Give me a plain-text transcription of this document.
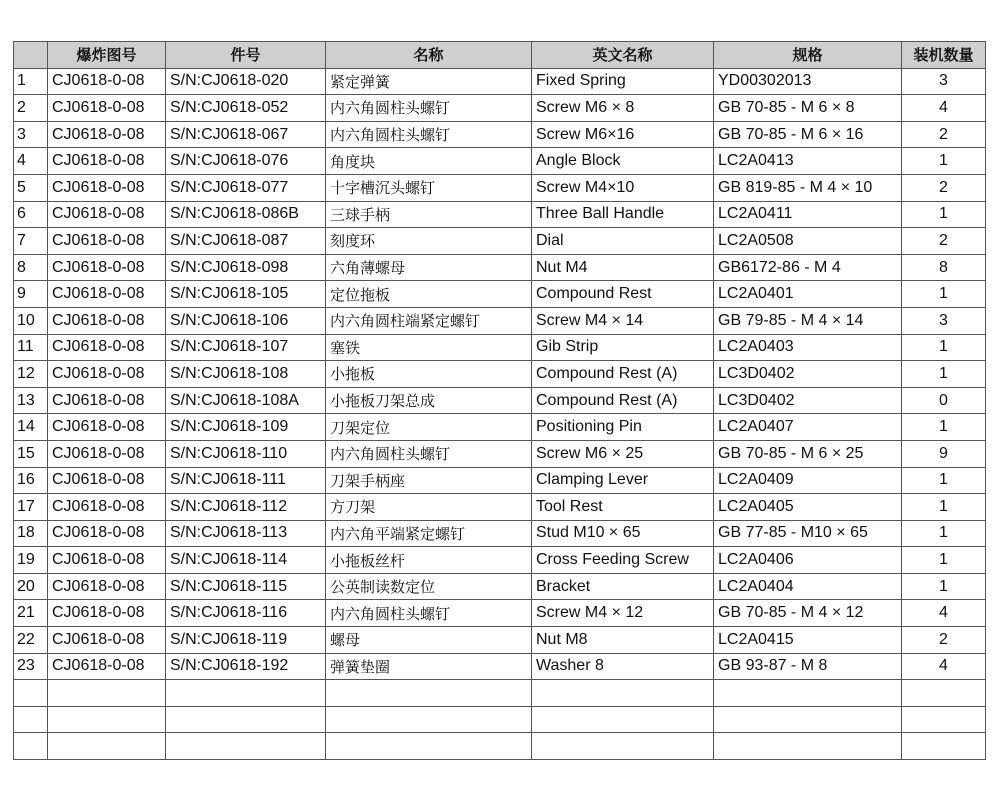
	爆炸图号	件号	名称	英文名称	规格	装机数量
1	CJ0618-0-08	S/N:CJ0618-020	紧定弹簧	Fixed Spring	YD00302013	3
2	CJ0618-0-08	S/N:CJ0618-052	内六角圆柱头螺钉	Screw M6 × 8	GB 70-85 - M 6 × 8	4
3	CJ0618-0-08	S/N:CJ0618-067	内六角圆柱头螺钉	Screw M6×16	GB 70-85 - M 6 × 16	2
4	CJ0618-0-08	S/N:CJ0618-076	角度块	Angle Block	LC2A0413	1
5	CJ0618-0-08	S/N:CJ0618-077	十字槽沉头螺钉	Screw M4×10	GB 819-85 - M 4 × 10	2
6	CJ0618-0-08	S/N:CJ0618-086B	三球手柄	Three Ball Handle	LC2A0411	1
7	CJ0618-0-08	S/N:CJ0618-087	刻度环	Dial	LC2A0508	2
8	CJ0618-0-08	S/N:CJ0618-098	六角薄螺母	Nut M4	GB6172-86 - M 4	8
9	CJ0618-0-08	S/N:CJ0618-105	定位拖板	Compound Rest	LC2A0401	1
10	CJ0618-0-08	S/N:CJ0618-106	内六角圆柱端紧定螺钉	Screw M4 × 14	GB 79-85 - M 4 × 14	3
11	CJ0618-0-08	S/N:CJ0618-107	塞铁	Gib Strip	LC2A0403	1
12	CJ0618-0-08	S/N:CJ0618-108	小拖板	Compound Rest (A)	LC3D0402	1
13	CJ0618-0-08	S/N:CJ0618-108A	小拖板刀架总成	Compound Rest (A)	LC3D0402	0
14	CJ0618-0-08	S/N:CJ0618-109	刀架定位	Positioning Pin	LC2A0407	1
15	CJ0618-0-08	S/N:CJ0618-110	内六角圆柱头螺钉	Screw M6 × 25	GB 70-85 - M 6 × 25	9
16	CJ0618-0-08	S/N:CJ0618-111	刀架手柄座	Clamping Lever	LC2A0409	1
17	CJ0618-0-08	S/N:CJ0618-112	方刀架	Tool Rest	LC2A0405	1
18	CJ0618-0-08	S/N:CJ0618-113	内六角平端紧定螺钉	Stud M10 × 65	GB 77-85 - M10 × 65	1
19	CJ0618-0-08	S/N:CJ0618-114	小拖板丝杆	Cross Feeding Screw	LC2A0406	1
20	CJ0618-0-08	S/N:CJ0618-115	公英制读数定位	Bracket	LC2A0404	1
21	CJ0618-0-08	S/N:CJ0618-116	内六角圆柱头螺钉	Screw M4 × 12	GB 70-85 - M 4 × 12	4
22	CJ0618-0-08	S/N:CJ0618-119	螺母	Nut M8	LC2A0415	2
23	CJ0618-0-08	S/N:CJ0618-192	弹簧垫圈	Washer 8	GB 93-87 - M 8	4
